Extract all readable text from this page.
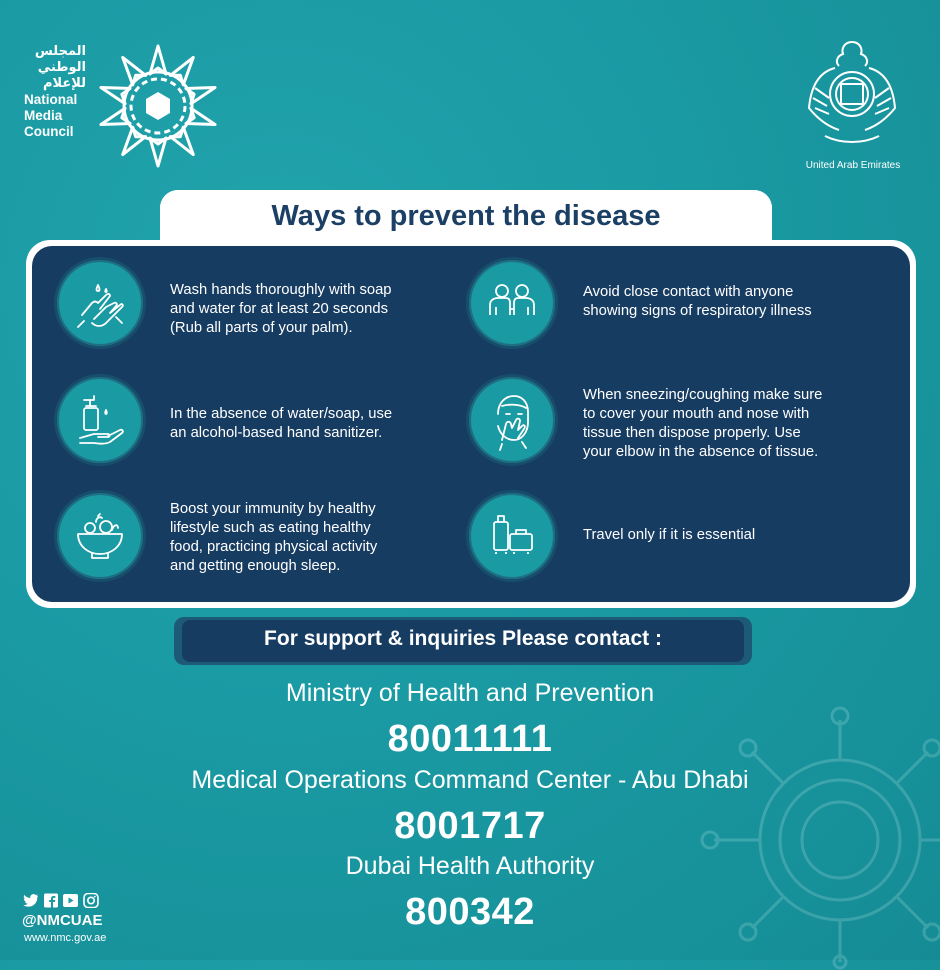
المجلس
الوطني
للإعلام
National
Media
Council
United Arab Emirates
Ways to prevent the disease
Wash hands thoroughly with soap
and water for at least 20 seconds
(Rub all parts of your palm).
Avoid close contact with anyone
showing signs of respiratory illness
In the absence of water/soap, use
an alcohol-based hand sanitizer.
When sneezing/coughing make sure
to cover your mouth and nose with
tissue then dispose properly. Use
your elbow in the absence of tissue.
Boost your immunity by healthy
lifestyle such as eating healthy
food, practicing physical activity
and getting enough sleep.
Travel only if it is essential
For support & inquiries Please contact :
Ministry of Health and Prevention
80011111
Medical Operations Command Center - Abu Dhabi
8001717
Dubai Health Authority
800342
@NMCUAE
www.nmc.gov.ae
